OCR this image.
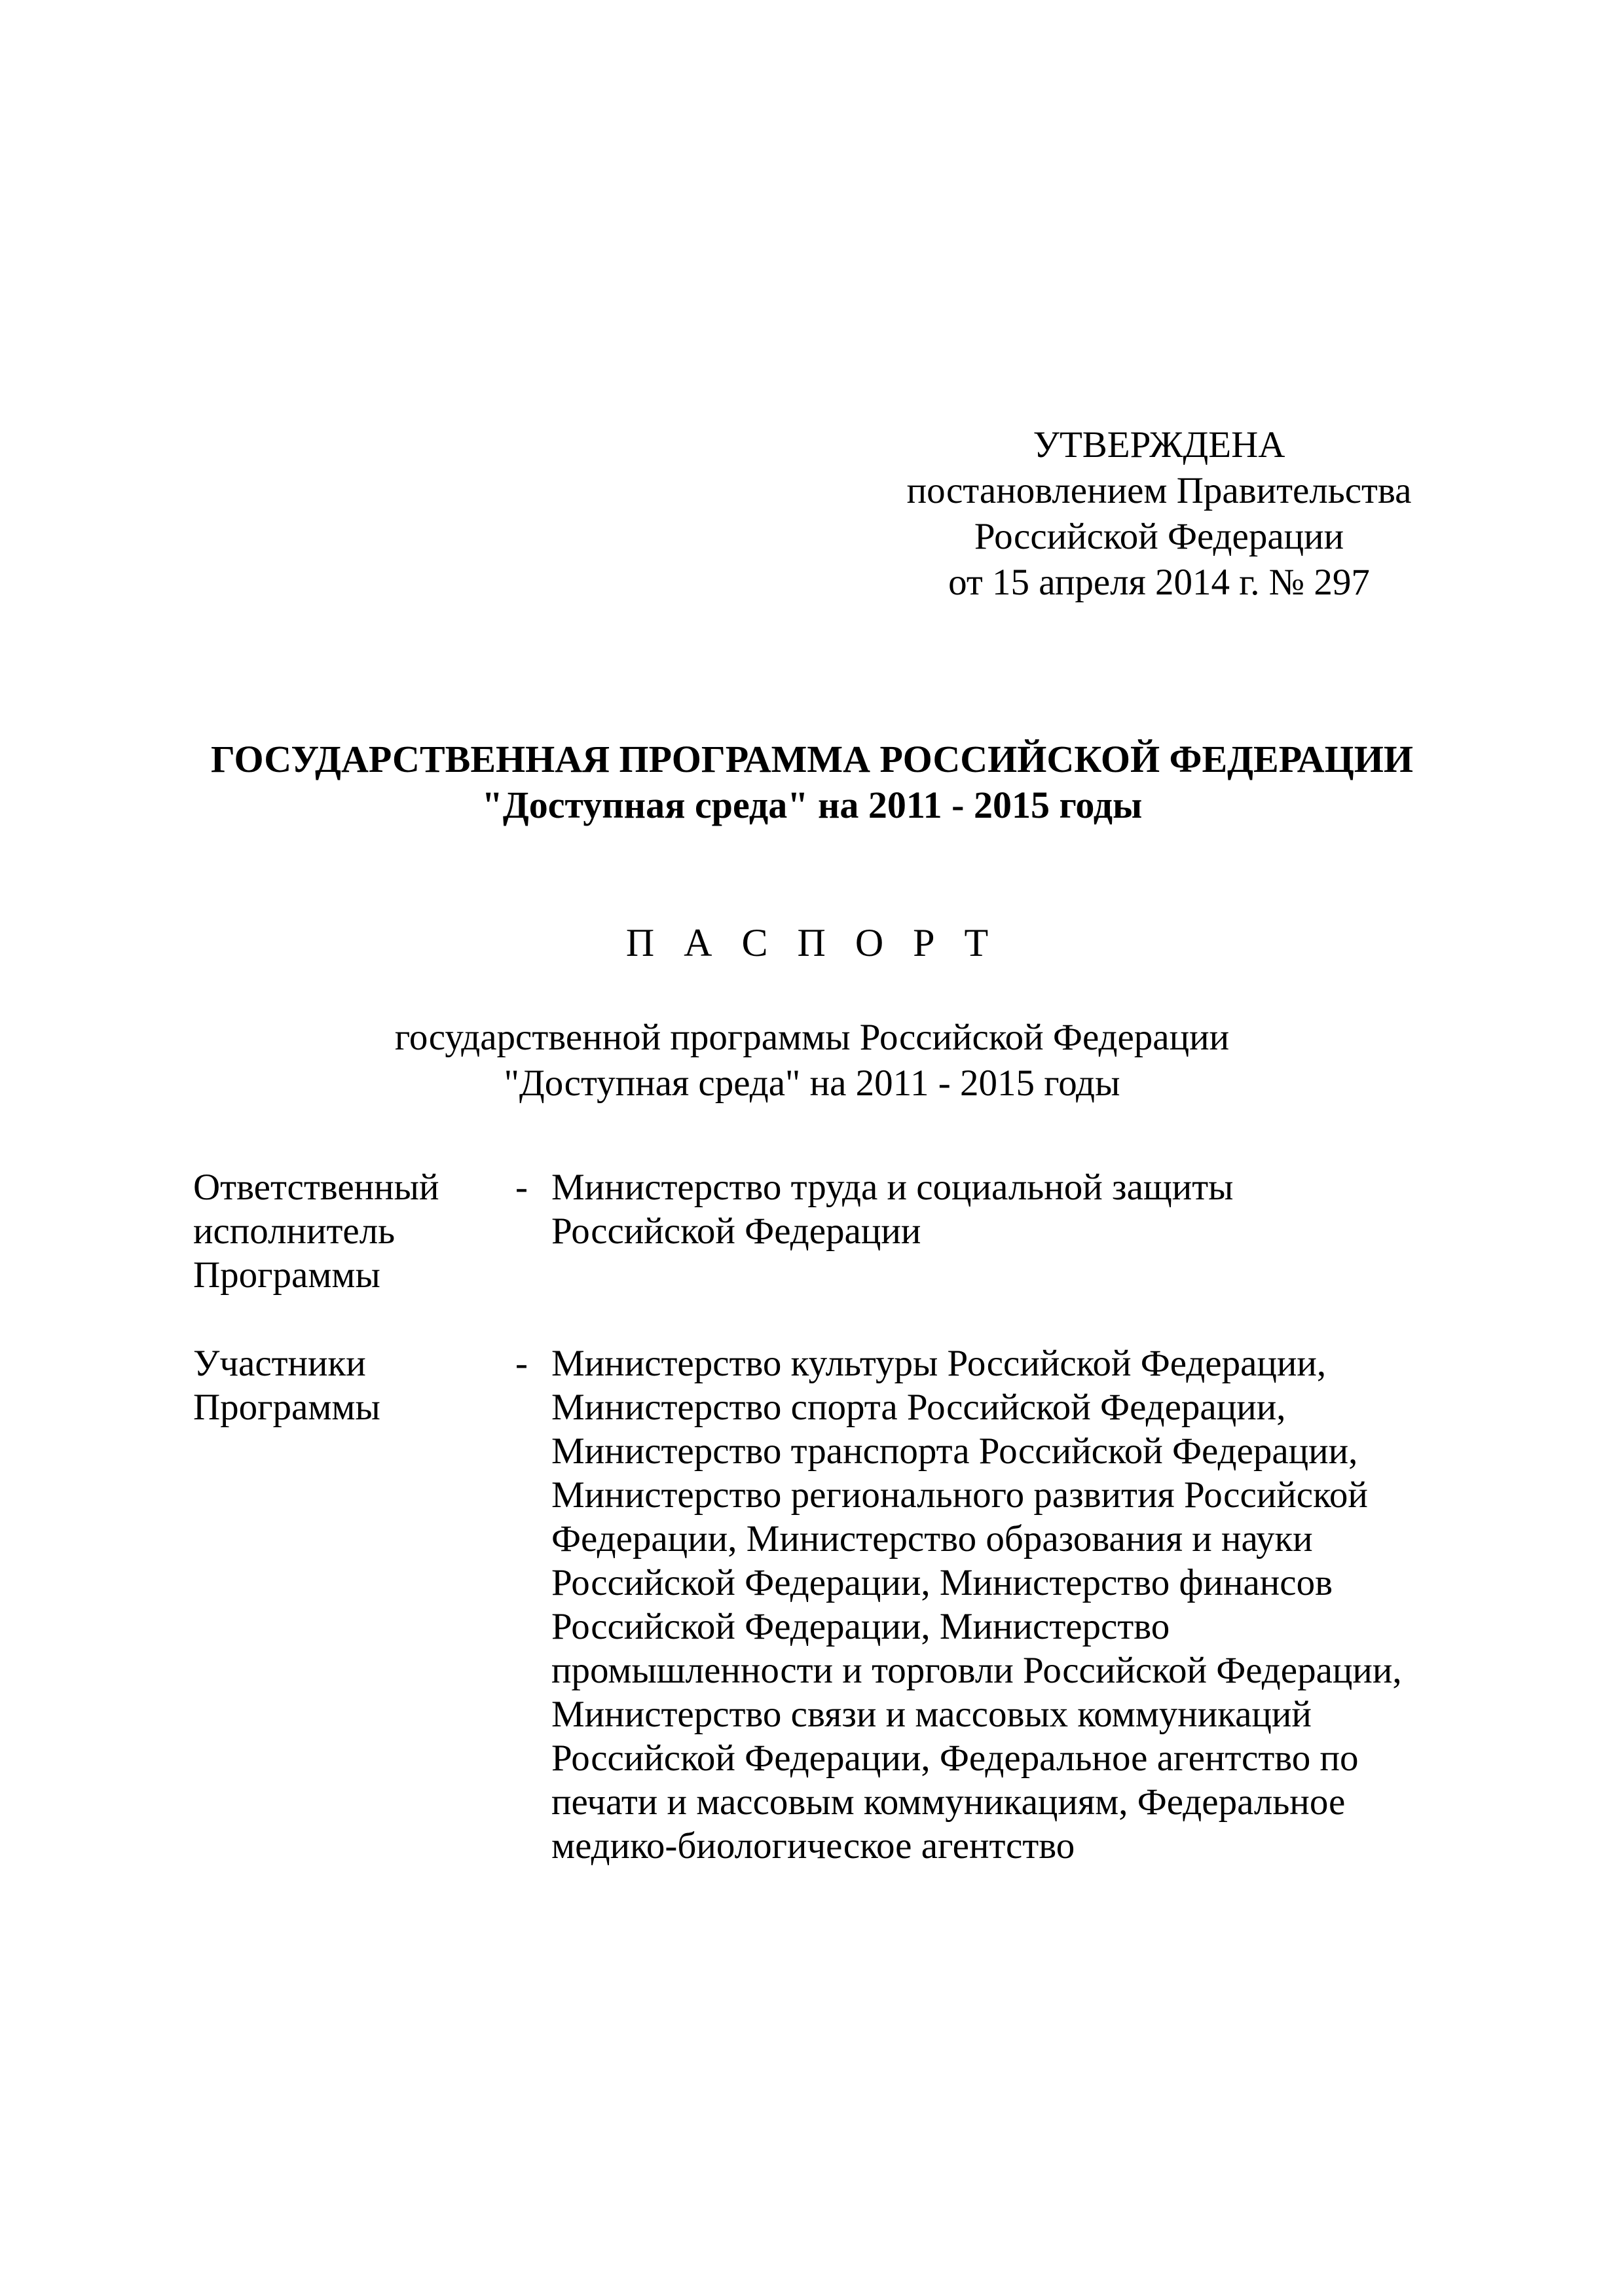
УТВЕРЖДЕНА
постановлением Правительства
Российской Федерации
от 15 апреля 2014 г. № 297
ГОСУДАРСТВЕННАЯ ПРОГРАММА РОССИЙСКОЙ ФЕДЕРАЦИИ
"Доступная среда" на 2011 - 2015 годы
П А С П О Р Т
государственной программы Российской Федерации
"Доступная среда" на 2011 - 2015 годы
Ответственный
исполнитель
Программы
- Министерство труда и социальной защиты
Российской Федерации
Участники
Программы
- Министерство культуры Российской Федерации,
Министерство спорта Российской Федерации,
Министерство транспорта Российской Федерации,
Министерство регионального развития Российской
Федерации, Министерство образования и науки
Российской Федерации, Министерство финансов
Российской Федерации, Министерство
промышленности и торговли Российской Федерации,
Министерство связи и массовых коммуникаций
Российской Федерации, Федеральное агентство по
печати и массовым коммуникациям, Федеральное
медико-биологическое агентство
